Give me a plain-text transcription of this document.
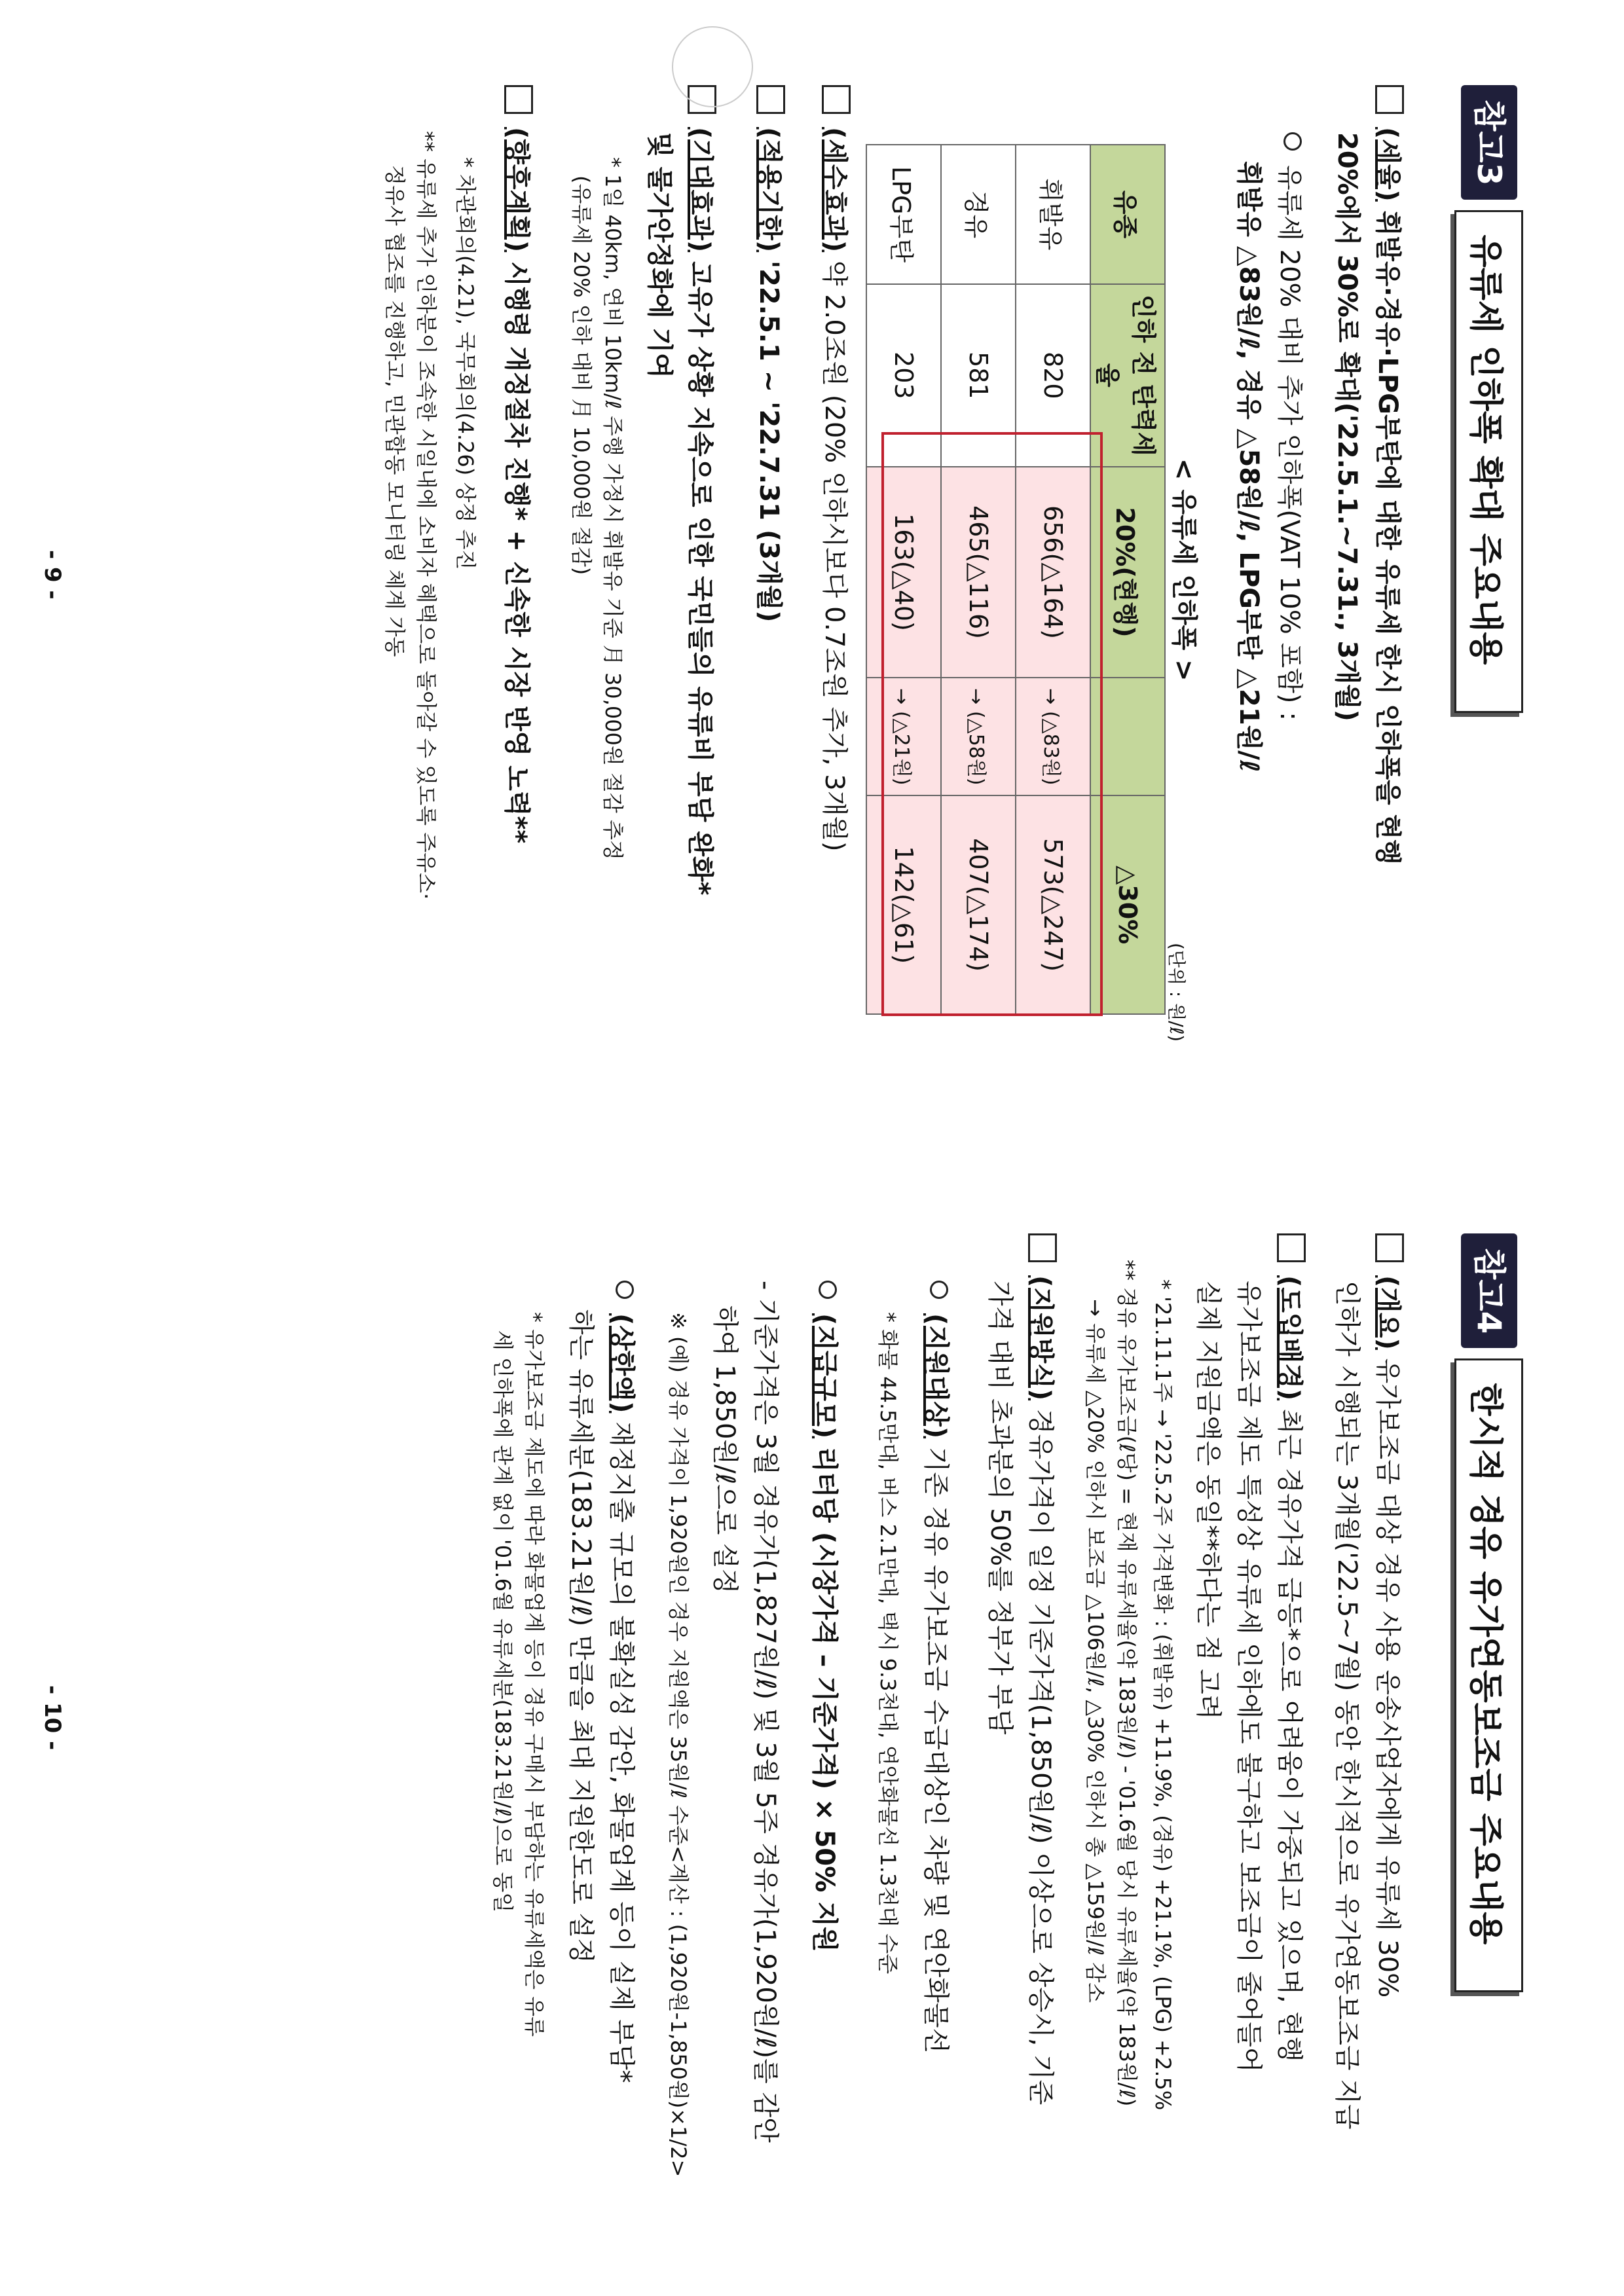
참고3
유류세 인하폭 확대 주요내용
(세율) 휘발유·경유·LPG부탄에 대한 유류세 한시 인하폭을 현행
20%에서 30%로 확대('22.5.1.~7.31., 3개월)
유류세 20% 대비 추가 인하폭(VAT 10% 포함) :
휘발유 △83원/ℓ, 경유 △58원/ℓ, LPG부탄 △21원/ℓ
< 유류세 인하폭 >
(단위 : 원/ℓ)
유종	인하 전 탄력세율	20%(현행)		△30%
휘발유	820	656(△164)	→ (△83원)	573(△247)
경유	581	465(△116)	→ (△58원)	407(△174)
LPG부탄	203	163(△40)	→ (△21원)	142(△61)
(세수효과) 약 2.0조원 (20% 인하시보다 0.7조원 추가, 3개월)
(적용기한) '22.5.1 ~ '22.7.31 (3개월)
(기대효과) 고유가 상황 지속으로 인한 국민들의 유류비 부담 완화*
및 물가안정화에 기여
* 1일 40km, 연비 10km/ℓ 주행 가정시 휘발유 기준 月 30,000원 절감 추정
(유류세 20% 인하 대비 月 10,000원 절감)
(향후계획) 시행령 개정절차 진행* + 신속한 시장 반영 노력**
* 차관회의(4.21), 국무회의(4.26) 상정 추진
** 유류세 추가 인하분이 조속한 시일내에 소비자 혜택으로 돌아갈 수 있도록 주유소·
정유사 협조를 진행하고, 민관합동 모니터링 체계 가동
- 9 -
참고4
한시적 경유 유가연동보조금 주요내용
(개요) 유가보조금 대상 경유 사용 운송사업자에게 유류세 30%
인하가 시행되는 3개월('22.5~7월) 동안 한시적으로 유가연동보조금 지급
(도입배경) 최근 경유가격 급등*으로 어려움이 가중되고 있으며, 현행
유가보조금 제도 특성상 유류세 인하에도 불구하고 보조금이 줄어들어
실제 지원금액은 동일**하다는 점 고려
* '21.11.1주 → '22.5.2주 가격변화 : (휘발유) +11.9%, (경유) +21.1%, (LPG) +2.5%
** 경유 유가보조금(ℓ당) = 현재 유류세율(약 183원/ℓ) - '01.6월 당시 유류세율(약 183원/ℓ)
→ 유류세 △20% 인하시 보조금 △106원/ℓ, △30% 인하시 총 △159원/ℓ 감소
(지원방식) 경유가격이 일정 기준가격(1,850원/ℓ) 이상으로 상승시, 기준
가격 대비 초과분의 50%를 정부가 부담
(지원대상) 기존 경유 유가보조금 수급대상인 차량 및 연안화물선
* 화물 44.5만대, 버스 2.1만대, 택시 9.3천대, 연안화물선 1.3천대 수준
(지급규모) 리터당 (시장가격 – 기준가격) × 50% 지원
- 기준가격은 3월 경유가(1,827원/ℓ) 및 3월 5주 경유가(1,920원/ℓ)를 감안
하여 1,850원/ℓ으로 설정
※ (예) 경유 가격이 1,920원인 경우 지원액은 35원/ℓ 수준<계산 : (1,920원-1,850원)×1/2>
(상한액) 재정지출 규모의 불확실성 감안, 화물업계 등이 실제 부담*
하는 유류세분(183.21원/ℓ) 만큼을 최대 지원한도로 설정
* 유가보조금 제도에 따라 화물업계 등이 경유 구매시 부담하는 유류세액은 유류
세 인하폭에 관계 없이 '01.6월 유류세분(183.21원/ℓ)으로 동일
- 10 -
